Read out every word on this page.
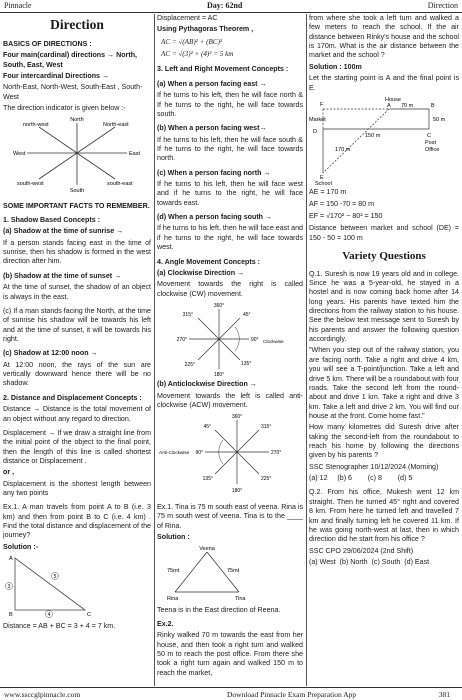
Pinnacle	Day: 62nd	Direction
Direction

BASICS OF DIRECTIONS :

Four main(cardinal) directions → North, South, East, West

Four intercardinal Directions →

North-East, North-West, South-East , South-West

The direction indicator is given below :-

North
north-west	North-east
West	East
south-west
South
south-east

SOME IMPORTANT FACTS TO REMEMBER.

1. Shadow Based Concepts :

(a) Shadow at the time of sunrise →

If a person stands facing east in the time of sunrise, then his shadow is formed in the west direction after him.

(b) Shadow at the time of sunset →

At the time of sunset, the shadow of an object is always in the east.

(c) If a man stands facing the North, at the time of sunrise his shadow will be towards his left and at the time of sunset, it will be towards his right.

(c) Shadow at 12:00 noon →

At 12:00 noon, the rays of the sun are vertically downward hence there will be no shadow.

2. Distance and Displacement Concepts :

Distance → Distance is the total movement of an object without any regard to direction.

Displacement → If we draw a straight line from the initial point of the object to the final point, then the length of this line is called shortest distance or Displacement .

or ,

Displacement is the shortest length between any two points

Ex.1. A man travels from point A to B (i.e. 3 km) and then from point B to C (i.e. 4 km) . Find the total distance and displacement of the journey?

Solution :-

A
B	C
3
4
5

Distance = AB + BC = 3 + 4 = 7 km.

Displacement = AC

Using Pythagoras Theorem ,

AC = √(AB)² + (BC)²

AC = √(3)² + (4)² = 5 km

3. Left and Right Movement Concepts :

(a) When a person facing east →

If he turns to his left, then he will face north & If he turns to the right, he will face towards south.

(b) When a person facing west→

If he turns to his left, then he will face south & If he turns to the right, he will face towards north.

(c) When a person facing north →

If he turns to his left, then he will face west and if he turns to the right, he will face towards east.

(d) When a person facing south →

If he turns to his left, then he will face east and if he turns to the right, he will face towards west.

4. Angle Movement Concepts :

(a) Clockwise Direction →

Movement towards the right is called clockwise (CW) movement.

360°
315°	45°
270°	90°
225°	135°
180°
Clockwise

(b) Anticlockwise Direction →

Movement towards the left is called anti-clockwise (ACW) movement.

360°
45°	315°
90°	270°
135°	225°
180°
Anti-Clockwise

Ex.1. Tina is 75 m south east of veena. Rina is 75 m south west of veena. Tina is to the ____ of Rina.

Solution :

Veena
75mt	75mt
Rina	Tina

Teena is in the East direction of Reena.

Ex.2.

Rinky walked 70 m towards the east from her house, and then took a right turn and walked 50 m to reach the post office. From there she took a right turn again and walked 150 m to reach the market,

from where she took a left turn and walked a few meters to reach the school. If the air distance between Rinky's house and the school is 170m. What is the air distance between the market and the school ?

Solution : 100m

Let the starting point is A and the final point is E.

House
F	A	B
70 m
Market
D
50 m
150 m	C
Post
Office
170 m
E
School

AE = 170 m

AF = 150 -70 = 80 m

EF = √170² − 80² = 150

Distance between market and school (DE) = 150 - 50 = 100 m

Variety Questions

Q.1. Suresh is now 19 years old and in college. Since he was a 5-year-old, he stayed in a hostel and is now coming back home after 14 long years. His parents have texted him the directions from the railway station to his house. See the below text message sent to Suresh by his parents and answer the following question accordingly.

"When you step out of the railway station, you are facing north. Take a right and drive 4 km, you will see a T-point/junction. Take a left and drive 5 km. There will be a roundabout with four roads. Take the second left from the round-about and drive 1 km. Take a right and drive 3 km. Take a left and drive 2 km. You will find our house at the front. Come home fast."

How many kilometres did Suresh drive after taking the second-left from the roundabout to reach his home by following the directions given by his parents ?

SSC Stenographer 10/12/2024 (Morning)

(a) 12     (b) 6        (c) 8        (d) 5

Q.2. From his office, Mukesh went 12 km straight. Then he turned 45° right and covered 8 km. From here he turned left and travelled 7 km and finally turning left he covered 11 km. If he was going north-west at last, then in which direction did he start from his office ?

SSC CPO 29/06/2024 (2nd Shift)

(a) West  (b) North  (c) South  (d) East

www.ssccglpinnacle.com	Download Pinnacle Exam Preparation App	381
